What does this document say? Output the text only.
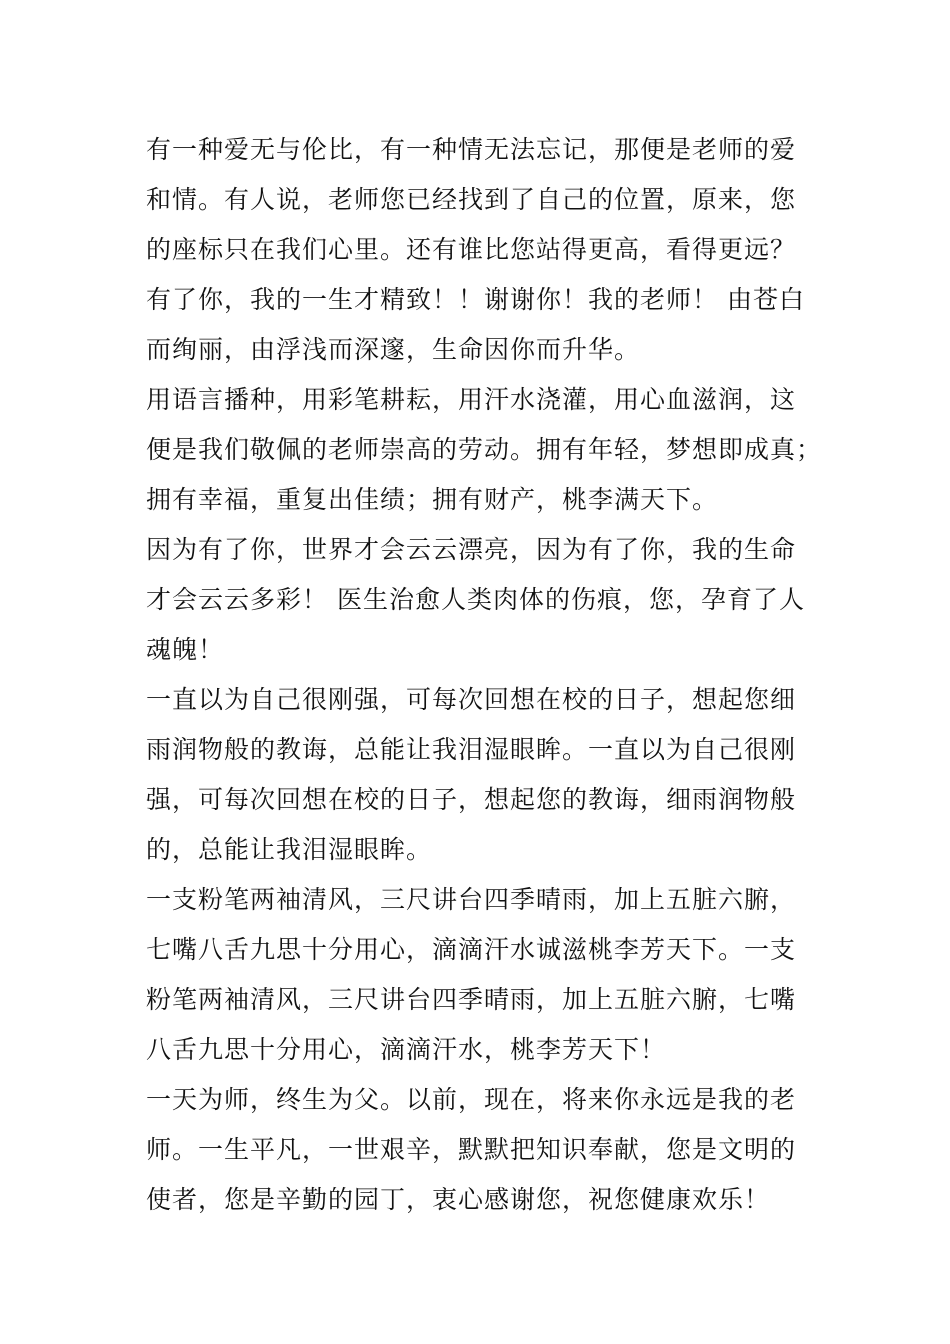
有一种爱无与伦比，有一种情无法忘记，那便是老师的爱
和情。有人说，老师您已经找到了自己的位置，原来，您
的座标只在我们心里。还有谁比您站得更高，看得更远？
有了你，我的一生才精致！！谢谢你！我的老师！ 由苍白
而绚丽，由浮浅而深邃，生命因你而升华。
用语言播种，用彩笔耕耘，用汗水浇灌，用心血滋润，这
便是我们敬佩的老师崇高的劳动。拥有年轻，梦想即成真；
拥有幸福，重复出佳绩；拥有财产，桃李满天下。
因为有了你，世界才会云云漂亮，因为有了你，我的生命
才会云云多彩！ 医生治愈人类肉体的伤痕，您，孕育了人
魂魄！
一直以为自己很刚强，可每次回想在校的日子，想起您细
雨润物般的教诲，总能让我泪湿眼眸。一直以为自己很刚
强，可每次回想在校的日子，想起您的教诲，细雨润物般
的，总能让我泪湿眼眸。
一支粉笔两袖清风，三尺讲台四季晴雨，加上五脏六腑，
七嘴八舌九思十分用心，滴滴汗水诚滋桃李芳天下。一支
粉笔两袖清风，三尺讲台四季晴雨，加上五脏六腑，七嘴
八舌九思十分用心，滴滴汗水，桃李芳天下！
一天为师，终生为父。以前，现在，将来你永远是我的老
师。一生平凡，一世艰辛，默默把知识奉献，您是文明的
使者，您是辛勤的园丁，衷心感谢您，祝您健康欢乐！
